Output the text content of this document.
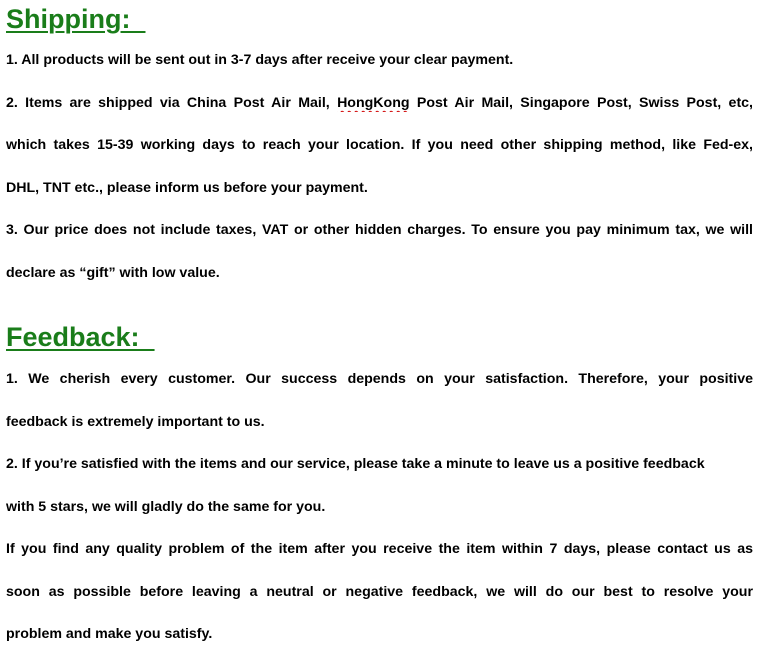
Shipping:

1. All products will be sent out in 3-7 days after receive your clear payment.

2. Items are shipped via China Post Air Mail, HongKong Post Air Mail, Singapore Post, Swiss Post, etc,

which takes 15-39 working days to reach your location. If you need other shipping method, like Fed-ex,

DHL, TNT etc., please inform us before your payment.

3. Our price does not include taxes, VAT or other hidden charges. To ensure you pay minimum tax, we will

declare as “gift” with low value.

Feedback:

1. We cherish every customer. Our success depends on your satisfaction. Therefore, your positive

feedback is extremely important to us.

2. If you’re satisfied with the items and our service, please take a minute to leave us a positive feedback

with 5 stars, we will gladly do the same for you.

If you find any quality problem of the item after you receive the item within 7 days, please contact us as

soon as possible before leaving a neutral or negative feedback, we will do our best to resolve your

problem and make you satisfy.
